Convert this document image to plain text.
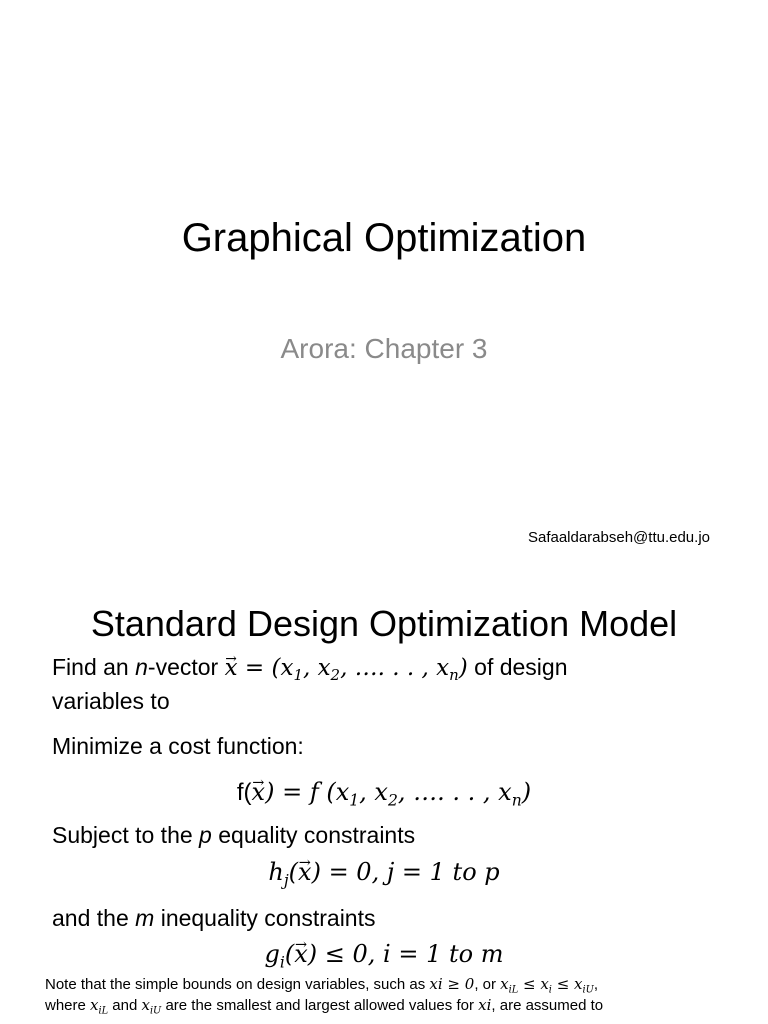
Graphical Optimization
Arora: Chapter 3
Safaaldarabseh@ttu.edu.jo
Standard Design Optimization Model
Find an n-vector → $x = (x_1$, $x_2$, …. . . , $x_n$) of design
variables to
Minimize a cost function:
f(→ x) = f ($x_1$, $x_2$, …. . . , $x_n$)
Subject to the p equality constraints
$h_j(\to x) = 0$, j = 1 to p
and the m inequality constraints
$g_i(\to x) \le 0$, i = 1 to m
Note that the simple bounds on design variables, such as xi ≥ 0, or $x_{iL} \le x_i \le x_{iU}$,
where $x_{iL}$ and $x_{iU}$ are the smallest and largest allowed values for xi, are assumed to
